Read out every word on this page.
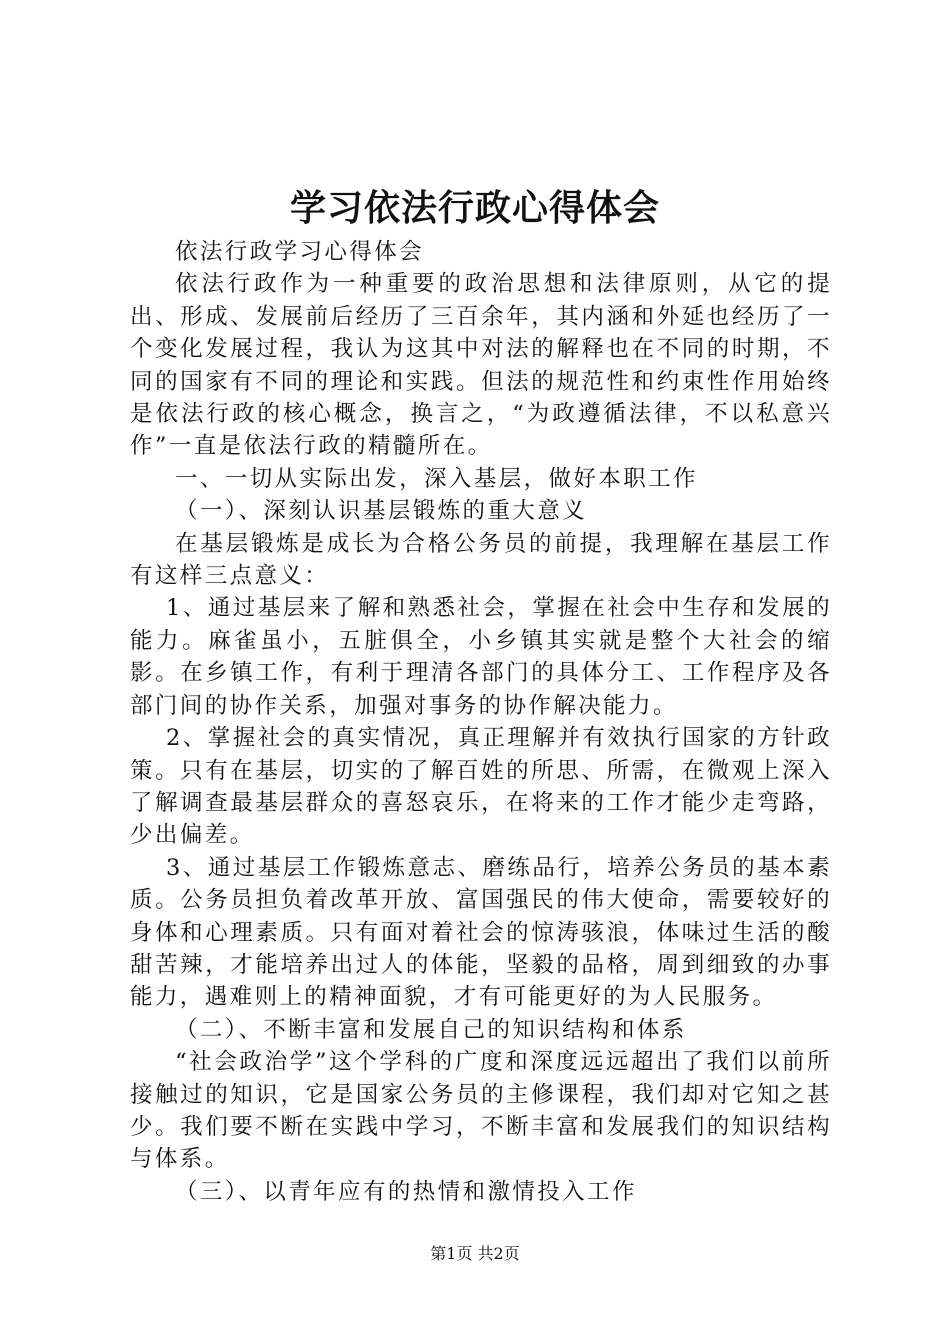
学习依法行政心得体会

依法行政学习心得体会

依法行政作为一种重要的政治思想和法律原则，从它的提出、形成、发展前后经历了三百余年，其内涵和外延也经历了一个变化发展过程，我认为这其中对法的解释也在不同的时期，不同的国家有不同的理论和实践。但法的规范性和约束性作用始终是依法行政的核心概念，换言之，“为政遵循法律，不以私意兴作”一直是依法行政的精髓所在。

一、一切从实际出发，深入基层，做好本职工作

（一）、深刻认识基层锻炼的重大意义

在基层锻炼是成长为合格公务员的前提，我理解在基层工作有这样三点意义：

1、通过基层来了解和熟悉社会，掌握在社会中生存和发展的能力。麻雀虽小，五脏俱全，小乡镇其实就是整个大社会的缩影。在乡镇工作，有利于理清各部门的具体分工、工作程序及各部门间的协作关系，加强对事务的协作解决能力。

2、掌握社会的真实情况，真正理解并有效执行国家的方针政策。只有在基层，切实的了解百姓的所思、所需，在微观上深入了解调查最基层群众的喜怒哀乐，在将来的工作才能少走弯路，少出偏差。

3、通过基层工作锻炼意志、磨练品行，培养公务员的基本素质。公务员担负着改革开放、富国强民的伟大使命，需要较好的身体和心理素质。只有面对着社会的惊涛骇浪，体味过生活的酸甜苦辣，才能培养出过人的体能，坚毅的品格，周到细致的办事能力，遇难则上的精神面貌，才有可能更好的为人民服务。

（二）、不断丰富和发展自己的知识结构和体系

“社会政治学”这个学科的广度和深度远远超出了我们以前所接触过的知识，它是国家公务员的主修课程，我们却对它知之甚少。我们要不断在实践中学习，不断丰富和发展我们的知识结构与体系。

（三）、以青年应有的热情和激情投入工作

第1页 共2页
